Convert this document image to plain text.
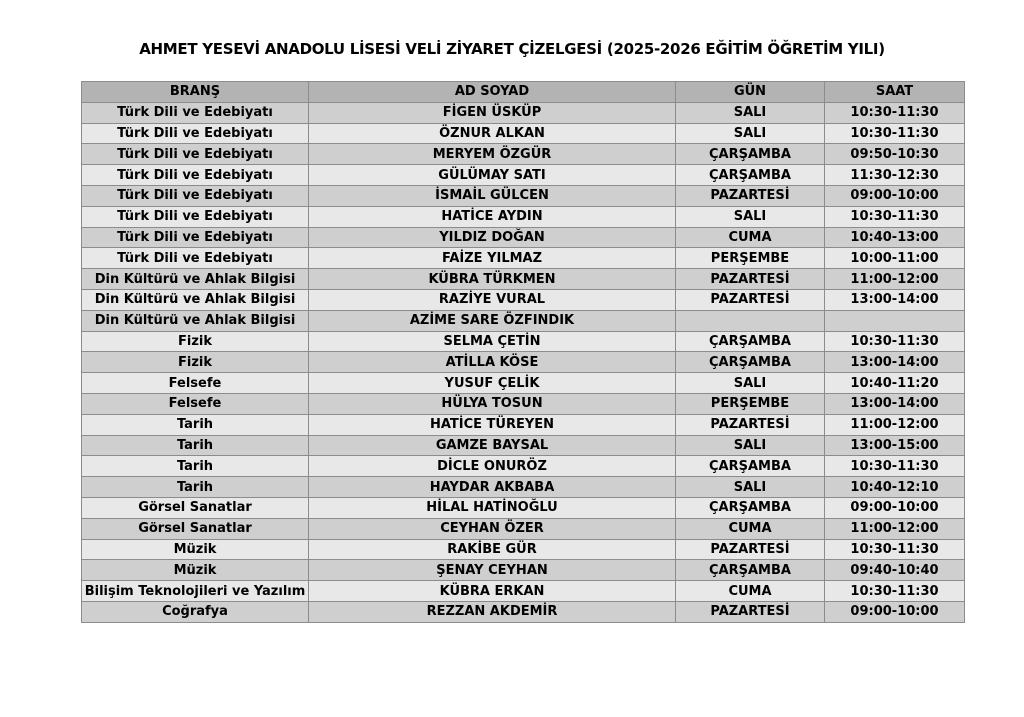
AHMET YESEVİ ANADOLU LİSESİ VELİ ZİYARET ÇİZELGESİ (2025-2026 EĞİTİM ÖĞRETİM YILI)
BRANŞ	AD SOYAD	GÜN	SAAT
Türk Dili ve Edebiyatı	FİGEN ÜSKÜP	SALI	10:30-11:30
Türk Dili ve Edebiyatı	ÖZNUR ALKAN	SALI	10:30-11:30
Türk Dili ve Edebiyatı	MERYEM ÖZGÜR	ÇARŞAMBA	09:50-10:30
Türk Dili ve Edebiyatı	GÜLÜMAY SATI	ÇARŞAMBA	11:30-12:30
Türk Dili ve Edebiyatı	İSMAİL GÜLCEN	PAZARTESİ	09:00-10:00
Türk Dili ve Edebiyatı	HATİCE AYDIN	SALI	10:30-11:30
Türk Dili ve Edebiyatı	YILDIZ DOĞAN	CUMA	10:40-13:00
Türk Dili ve Edebiyatı	FAİZE YILMAZ	PERŞEMBE	10:00-11:00
Din Kültürü ve Ahlak Bilgisi	KÜBRA TÜRKMEN	PAZARTESİ	11:00-12:00
Din Kültürü ve Ahlak Bilgisi	RAZİYE VURAL	PAZARTESİ	13:00-14:00
Din Kültürü ve Ahlak Bilgisi	AZİME SARE ÖZFINDIK		
Fizik	SELMA ÇETİN	ÇARŞAMBA	10:30-11:30
Fizik	ATİLLA KÖSE	ÇARŞAMBA	13:00-14:00
Felsefe	YUSUF ÇELİK	SALI	10:40-11:20
Felsefe	HÜLYA TOSUN	PERŞEMBE	13:00-14:00
Tarih	HATİCE TÜREYEN	PAZARTESİ	11:00-12:00
Tarih	GAMZE BAYSAL	SALI	13:00-15:00
Tarih	DİCLE ONURÖZ	ÇARŞAMBA	10:30-11:30
Tarih	HAYDAR AKBABA	SALI	10:40-12:10
Görsel Sanatlar	HİLAL HATİNOĞLU	ÇARŞAMBA	09:00-10:00
Görsel Sanatlar	CEYHAN ÖZER	CUMA	11:00-12:00
Müzik	RAKİBE GÜR	PAZARTESİ	10:30-11:30
Müzik	ŞENAY CEYHAN	ÇARŞAMBA	09:40-10:40
Bilişim Teknolojileri ve Yazılım	KÜBRA ERKAN	CUMA	10:30-11:30
Coğrafya	REZZAN AKDEMİR	PAZARTESİ	09:00-10:00
